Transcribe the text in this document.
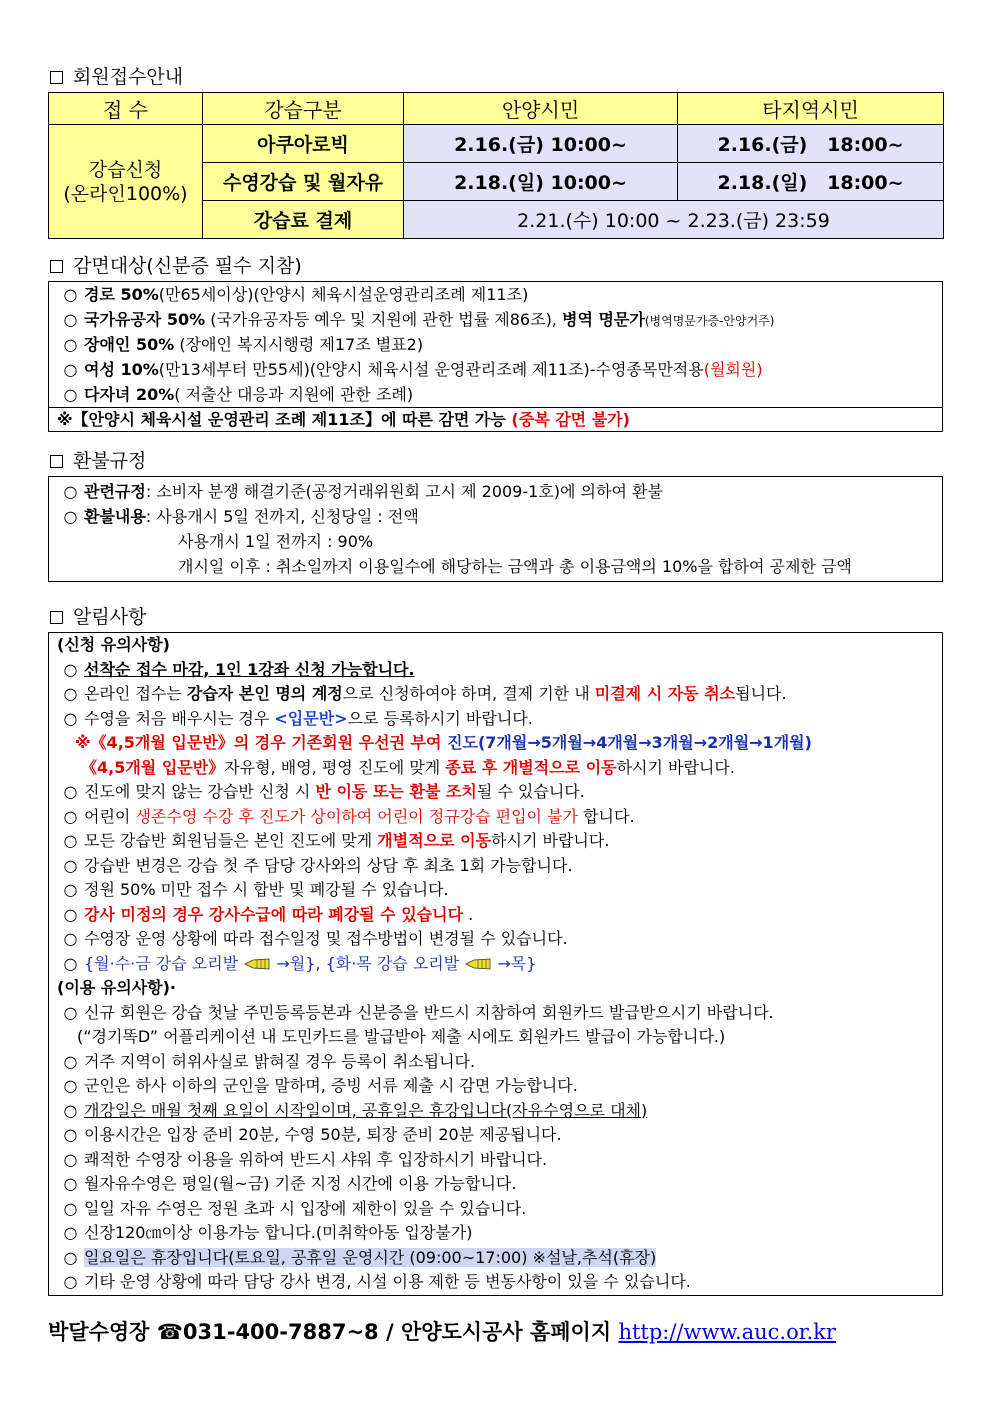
회원접수안내
접 수	강습구분	안양시민	타지역시민

강습신청
(온라인100%)	아쿠아로빅	2.16.(금) 10:00~	2.16.(금)   18:00~
	수영강습 및 월자유	2.18.(일) 10:00~	2.18.(일)   18:00~
	강습료 결제	2.21.(수) 10:00 ~ 2.23.(금) 23:59	
감면대상(신분증 필수 지참)
○ 경로 50%(만65세이상)(안양시 체육시설운영관리조례 제11조)
○ 국가유공자 50% (국가유공자등 예우 및 지원에 관한 법률 제86조), 병역 명문가(병역명문가증-안양거주)
○ 장애인 50% (장애인 복지시행령 제17조 별표2)
○ 여성 10%(만13세부터 만55세)(안양시 체육시설 운영관리조례 제11조)-수영종목만적용(월회원)
○ 다자녀 20%( 저출산 대응과 지원에 관한 조례)
※【안양시 체육시설 운영관리 조례 제11조】에 따른 감면 가능 (중복 감면 불가)
환불규정
○ 관련규정: 소비자 분쟁 해결기준(공정거래위원회 고시 제 2009-1호)에 의하여 환불
○ 환불내용: 사용개시 5일 전까지, 신청당일 : 전액
사용개시 1일 전까지 : 90%
개시일 이후 : 취소일까지 이용일수에 해당하는 금액과 총 이용금액의 10%을 합하여 공제한 금액
알림사항
(신청 유의사항)
○ 선착순 접수 마감, 1인 1강좌 신청 가능합니다.
○ 온라인 접수는 강습자 본인 명의 계정으로 신청하여야 하며, 결제 기한 내 미결제 시 자동 취소됩니다.
○ 수영을 처음 배우시는 경우 <입문반>으로 등록하시기 바랍니다.
※《4,5개월 입문반》의 경우 기존회원 우선권 부여 진도(7개월→5개월→4개월→3개월→2개월→1개월)
《4,5개월 입문반》자유형, 배영, 평영 진도에 맞게 종료 후 개별적으로 이동하시기 바랍니다.
○ 진도에 맞지 않는 강습반 신청 시 반 이동 또는 환불 조치될 수 있습니다.
○ 어린이 생존수영 수강 후 진도가 상이하여 어린이 정규강습 편입이 불가 합니다.
○ 모든 강습반 회원님들은 본인 진도에 맞게 개별적으로 이동하시기 바랍니다.
○ 강습반 변경은 강습 첫 주 담당 강사와의 상담 후 최초 1회 가능합니다.
○ 정원 50% 미만 접수 시 합반 및 폐강될 수 있습니다.
○ 강사 미정의 경우 강사수급에 따라 폐강될 수 있습니다 .
○ 수영장 운영 상황에 따라 접수일정 및 접수방법이 변경될 수 있습니다.
○ {월·수·금 강습 오리발  →월}, {화·목 강습 오리발  →목}
(이용 유의사항)·
○ 신규 회원은 강습 첫날 주민등록등본과 신분증을 반드시 지참하여 회원카드 발급받으시기 바랍니다.
(“경기똑D” 어플리케이션 내 도민카드를 발급받아 제출 시에도 회원카드 발급이 가능합니다.)
○ 거주 지역이 허위사실로 밝혀질 경우 등록이 취소됩니다.
○ 군인은 하사 이하의 군인을 말하며, 증빙 서류 제출 시 감면 가능합니다.
○ 개강일은 매월 첫째 요일이 시작일이며, 공휴일은 휴강입니다(자유수영으로 대체)
○ 이용시간은 입장 준비 20분, 수영 50분, 퇴장 준비 20분 제공됩니다.
○ 쾌적한 수영장 이용을 위하여 반드시 샤워 후 입장하시기 바랍니다.
○ 월자유수영은 평일(월~금) 기준 지정 시간에 이용 가능합니다.
○ 일일 자유 수영은 정원 초과 시 입장에 제한이 있을 수 있습니다.
○ 신장120㎝이상 이용가능 합니다.(미취학아동 입장불가)
○ 일요일은 휴장입니다(토요일, 공휴일 운영시간 (09:00~17:00) ※설날,추석(휴장)
○ 기타 운영 상황에 따라 담당 강사 변경, 시설 이용 제한 등 변동사항이 있을 수 있습니다.
박달수영장 ☎031-400-7887~8 / 안양도시공사 홈페이지 http://www.auc.or.kr
